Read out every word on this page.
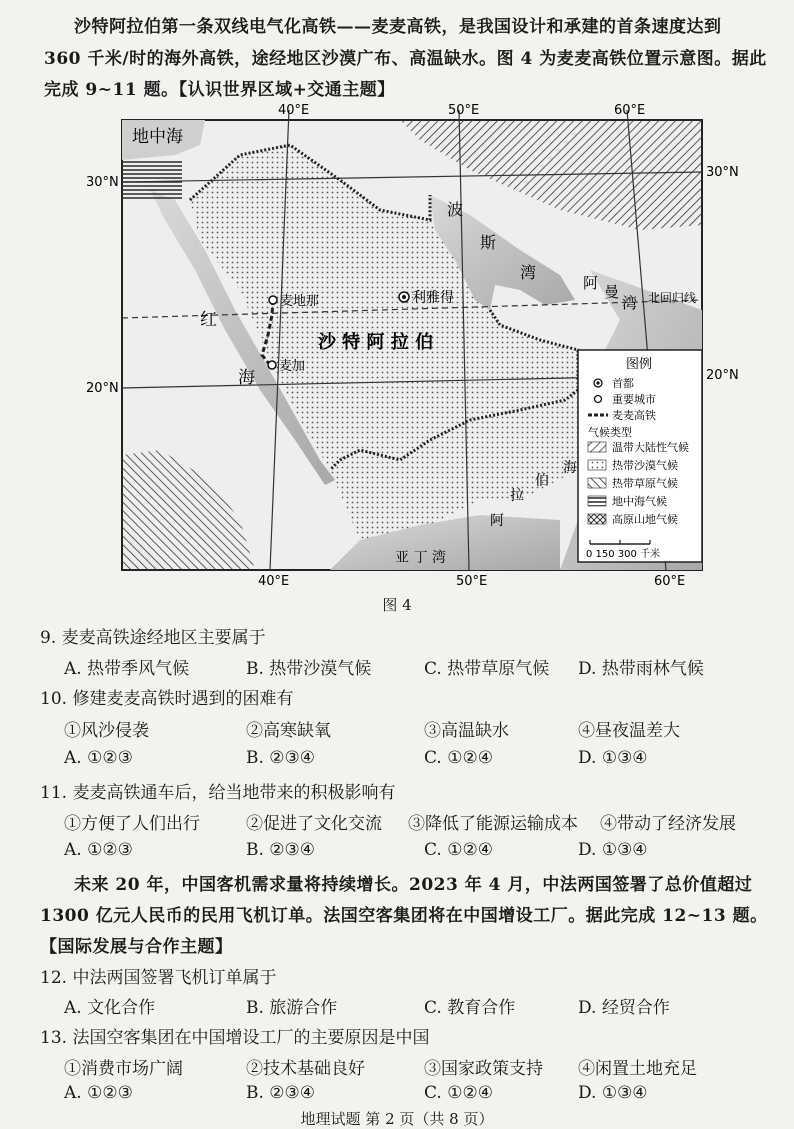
沙特阿拉伯第一条双线电气化高铁——麦麦高铁，是我国设计和承建的首条速度达到
360 千米/时的海外高铁，途经地区沙漠广布、高温缺水。图 4 为麦麦高铁位置示意图。据此
完成 9~11 题。【认识世界区域+交通主题】
地中海
红
海
波
斯
湾
阿 曼
湾 北回归线
沙 特 阿 拉 伯
利雅得
麦地那
麦加
亚 丁 湾
阿
拉
伯
海
40°E	50°E	60°E
40°E	50°E	60°E
30°N
20°N
30°N
20°N
图例
首都
重要城市
麦麦高铁
气候类型
温带大陆性气候
热带沙漠气候
热带草原气候
地中海气候
高原山地气候
0 150 300 千米
图 4
9. 麦麦高铁途经地区主要属于
A. 热带季风气候	B. 热带沙漠气候	C. 热带草原气候 D. 热带雨林气候
10. 修建麦麦高铁时遇到的困难有
①风沙侵袭	②高寒缺氧	③高温缺水	④昼夜温差大
A. ①②③	B. ②③④	C. ①②④	D. ①③④
11. 麦麦高铁通车后，给当地带来的积极影响有
①方便了人们出行	②促进了文化交流 ③降低了能源运输成本 ④带动了经济发展
A. ①②③	B. ②③④	C. ①②④	D. ①③④
未来 20 年，中国客机需求量将持续增长。2023 年 4 月，中法两国签署了总价值超过
1300 亿元人民币的民用飞机订单。法国空客集团将在中国增设工厂。据此完成 12~13 题。
【国际发展与合作主题】
12. 中法两国签署飞机订单属于
A. 文化合作	B. 旅游合作	C. 教育合作	D. 经贸合作
13. 法国空客集团在中国增设工厂的主要原因是中国
①消费市场广阔	②技术基础良好	③国家政策支持 ④闲置土地充足
A. ①②③	B. ②③④	C. ①②④	D. ①③④
地理试题 第 2 页（共 8 页）
